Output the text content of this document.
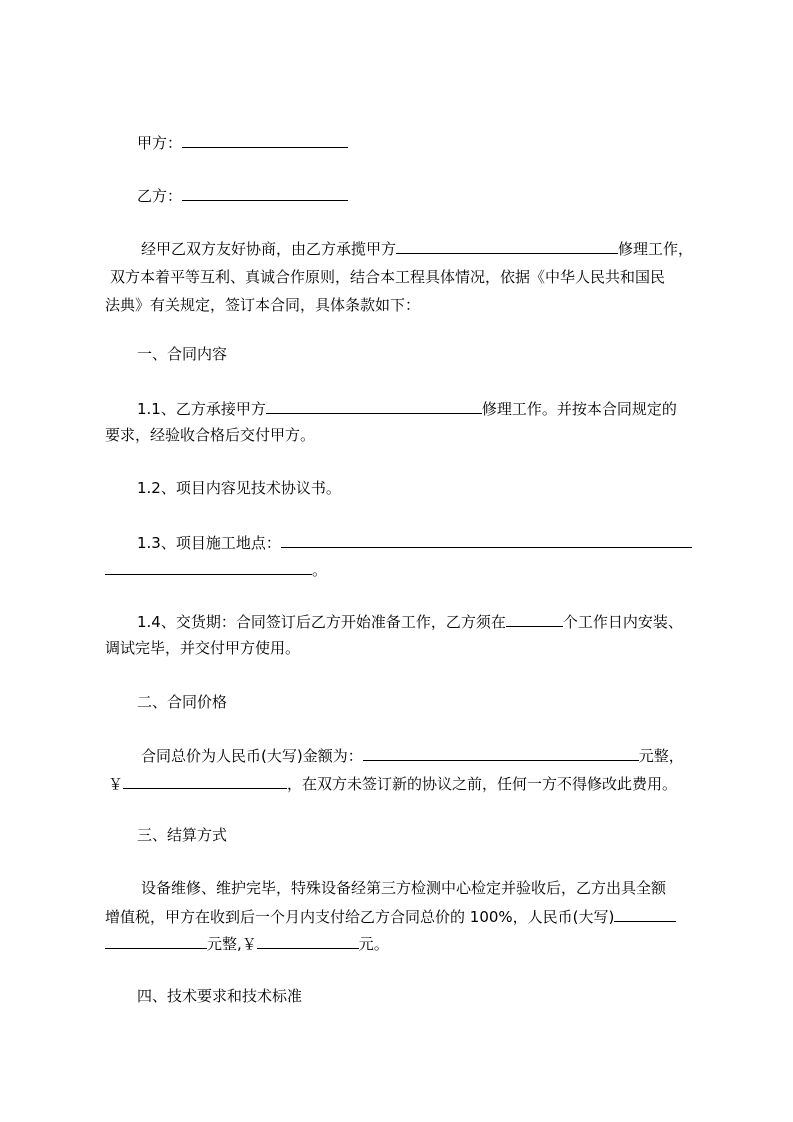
甲方：
乙方：
经甲乙双方友好协商，由乙方承揽甲方	修理工作，
双方本着平等互利、真诚合作原则，结合本工程具体情况，依据《中华人民共和国民
法典》有关规定，签订本合同，具体条款如下：
一、合同内容
1.1、乙方承接甲方	修理工作。并按本合同规定的
要求，经验收合格后交付甲方。
1.2、项目内容见技术协议书。
1.3、项目施工地点：
。
1.4、交货期：合同签订后乙方开始准备工作，乙方须在	个工作日内安装、
调试完毕，并交付甲方使用。
二、合同价格
合同总价为人民币(大写)金额为：	元整，
￥	，在双方未签订新的协议之前，任何一方不得修改此费用。
三、结算方式
设备维修、维护完毕，特殊设备经第三方检测中心检定并验收后，乙方出具全额
增值税，甲方在收到后一个月内支付给乙方合同总价的 100%，人民币(大写)
元整,￥	元。
四、技术要求和技术标准
